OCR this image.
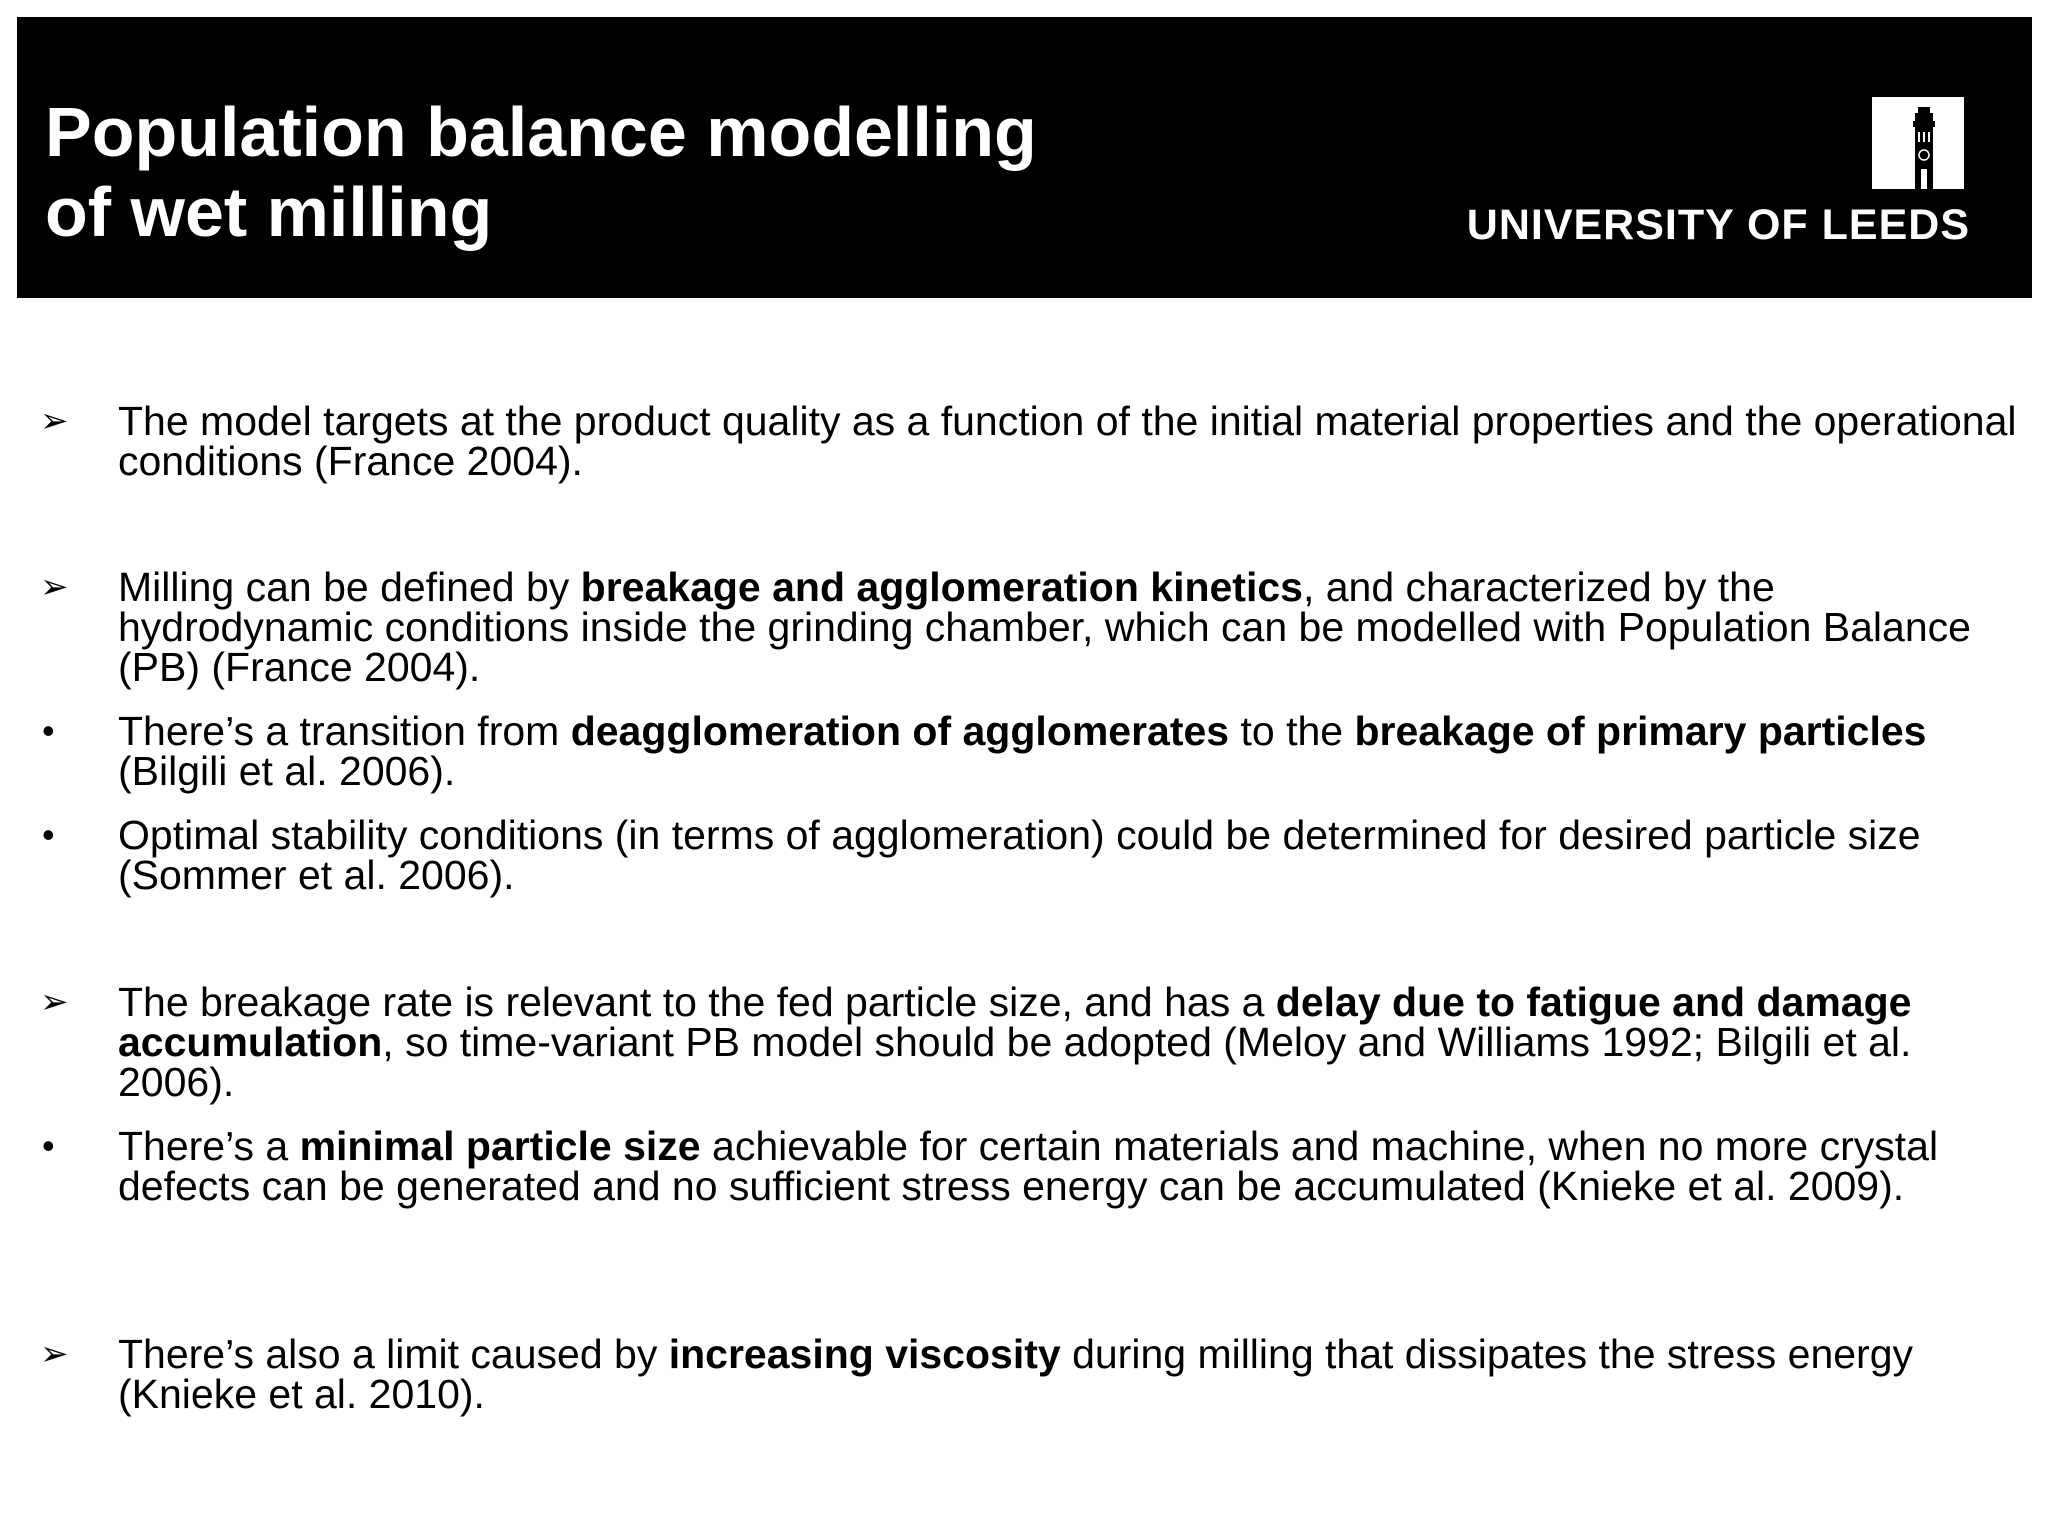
Population balance modelling
of wet milling	UNIVERSITY OF LEEDS
➢ The model targets at the product quality as a function of the initial material properties and the operational conditions (France 2004).

➢ Milling can be defined by breakage and agglomeration kinetics, and characterized by the hydrodynamic conditions inside the grinding chamber, which can be modelled with Population Balance (PB) (France 2004).

• There’s a transition from deagglomeration of agglomerates to the breakage of primary particles (Bilgili et al. 2006).

• Optimal stability conditions (in terms of agglomeration) could be determined for desired particle size (Sommer et al. 2006).

➢ The breakage rate is relevant to the fed particle size, and has a delay due to fatigue and damage accumulation, so time-variant PB model should be adopted (Meloy and Williams 1992; Bilgili et al. 2006).

• There’s a minimal particle size achievable for certain materials and machine, when no more crystal defects can be generated and no sufficient stress energy can be accumulated (Knieke et al. 2009).

➢ There’s also a limit caused by increasing viscosity during milling that dissipates the stress energy (Knieke et al. 2010).
